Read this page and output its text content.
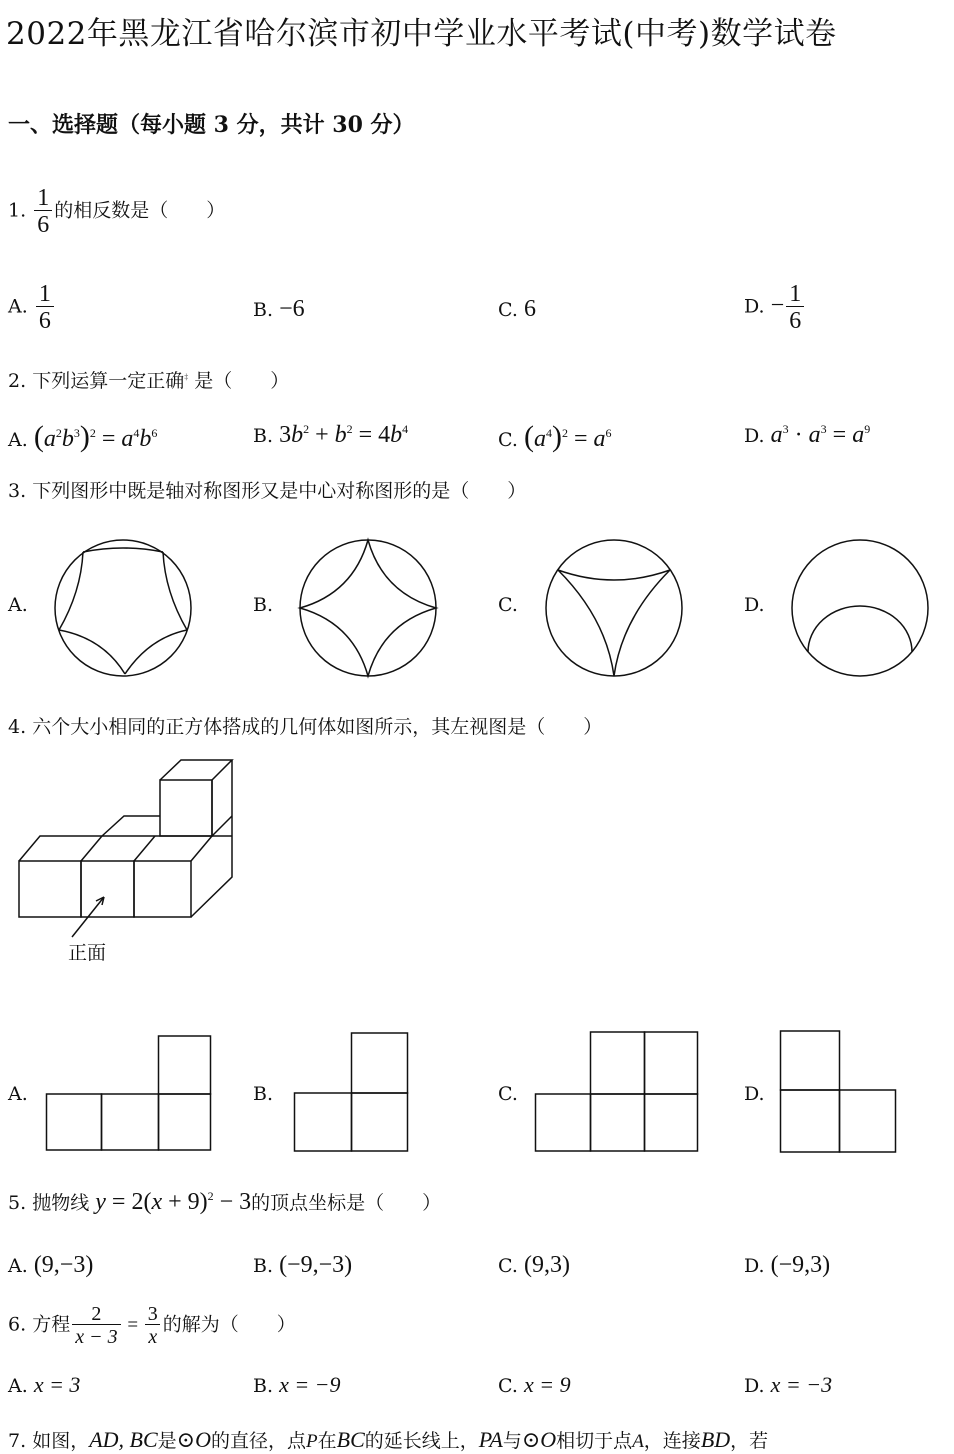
2022年黑龙江省哈尔滨市初中学业水平考试(中考)数学试卷
一、选择题（每小题 3 分，共计 30 分）
1. $\frac{1}{6}$ 的相反数是（　　）
A. $\frac{1}{6}$	B. −6	C. 6	D. − $\frac{1}{6}$
2. 下列运算一定正确‡ 是（　　）
A. $(a^2b^3)^2 = a^4b^6$	B. $3b^2 + b^2 = 4b^4$	C. $(a^4)^2 = a^6$	D. $a^3 \cdot a^3 = a^9$
3. 下列图形中既是轴对称图形又是中心对称图形的是（　　）
A.	B.	C.	D.
4. 六个大小相同的正方体搭成的几何体如图所示，其左视图是（　　）
正面
A.	B.	C.	D.
5. 抛物线 $y = 2(x + 9)^2 - 3$的顶点坐标是（　　）
A. (9,−3)	B. (−9,−3)	C. (9,3)	D. (−9,3)
6. 方程 $\frac{2}{x - 3} = \frac{3}{x}$ 的解为（　　）
A. x = 3	B. x = −9	C. x = 9	D. x = −3
7. 如图，AD, BC是⊙O的直径，点P在BC的延长线上，PA与⊙O相切于点A，连接BD，若
